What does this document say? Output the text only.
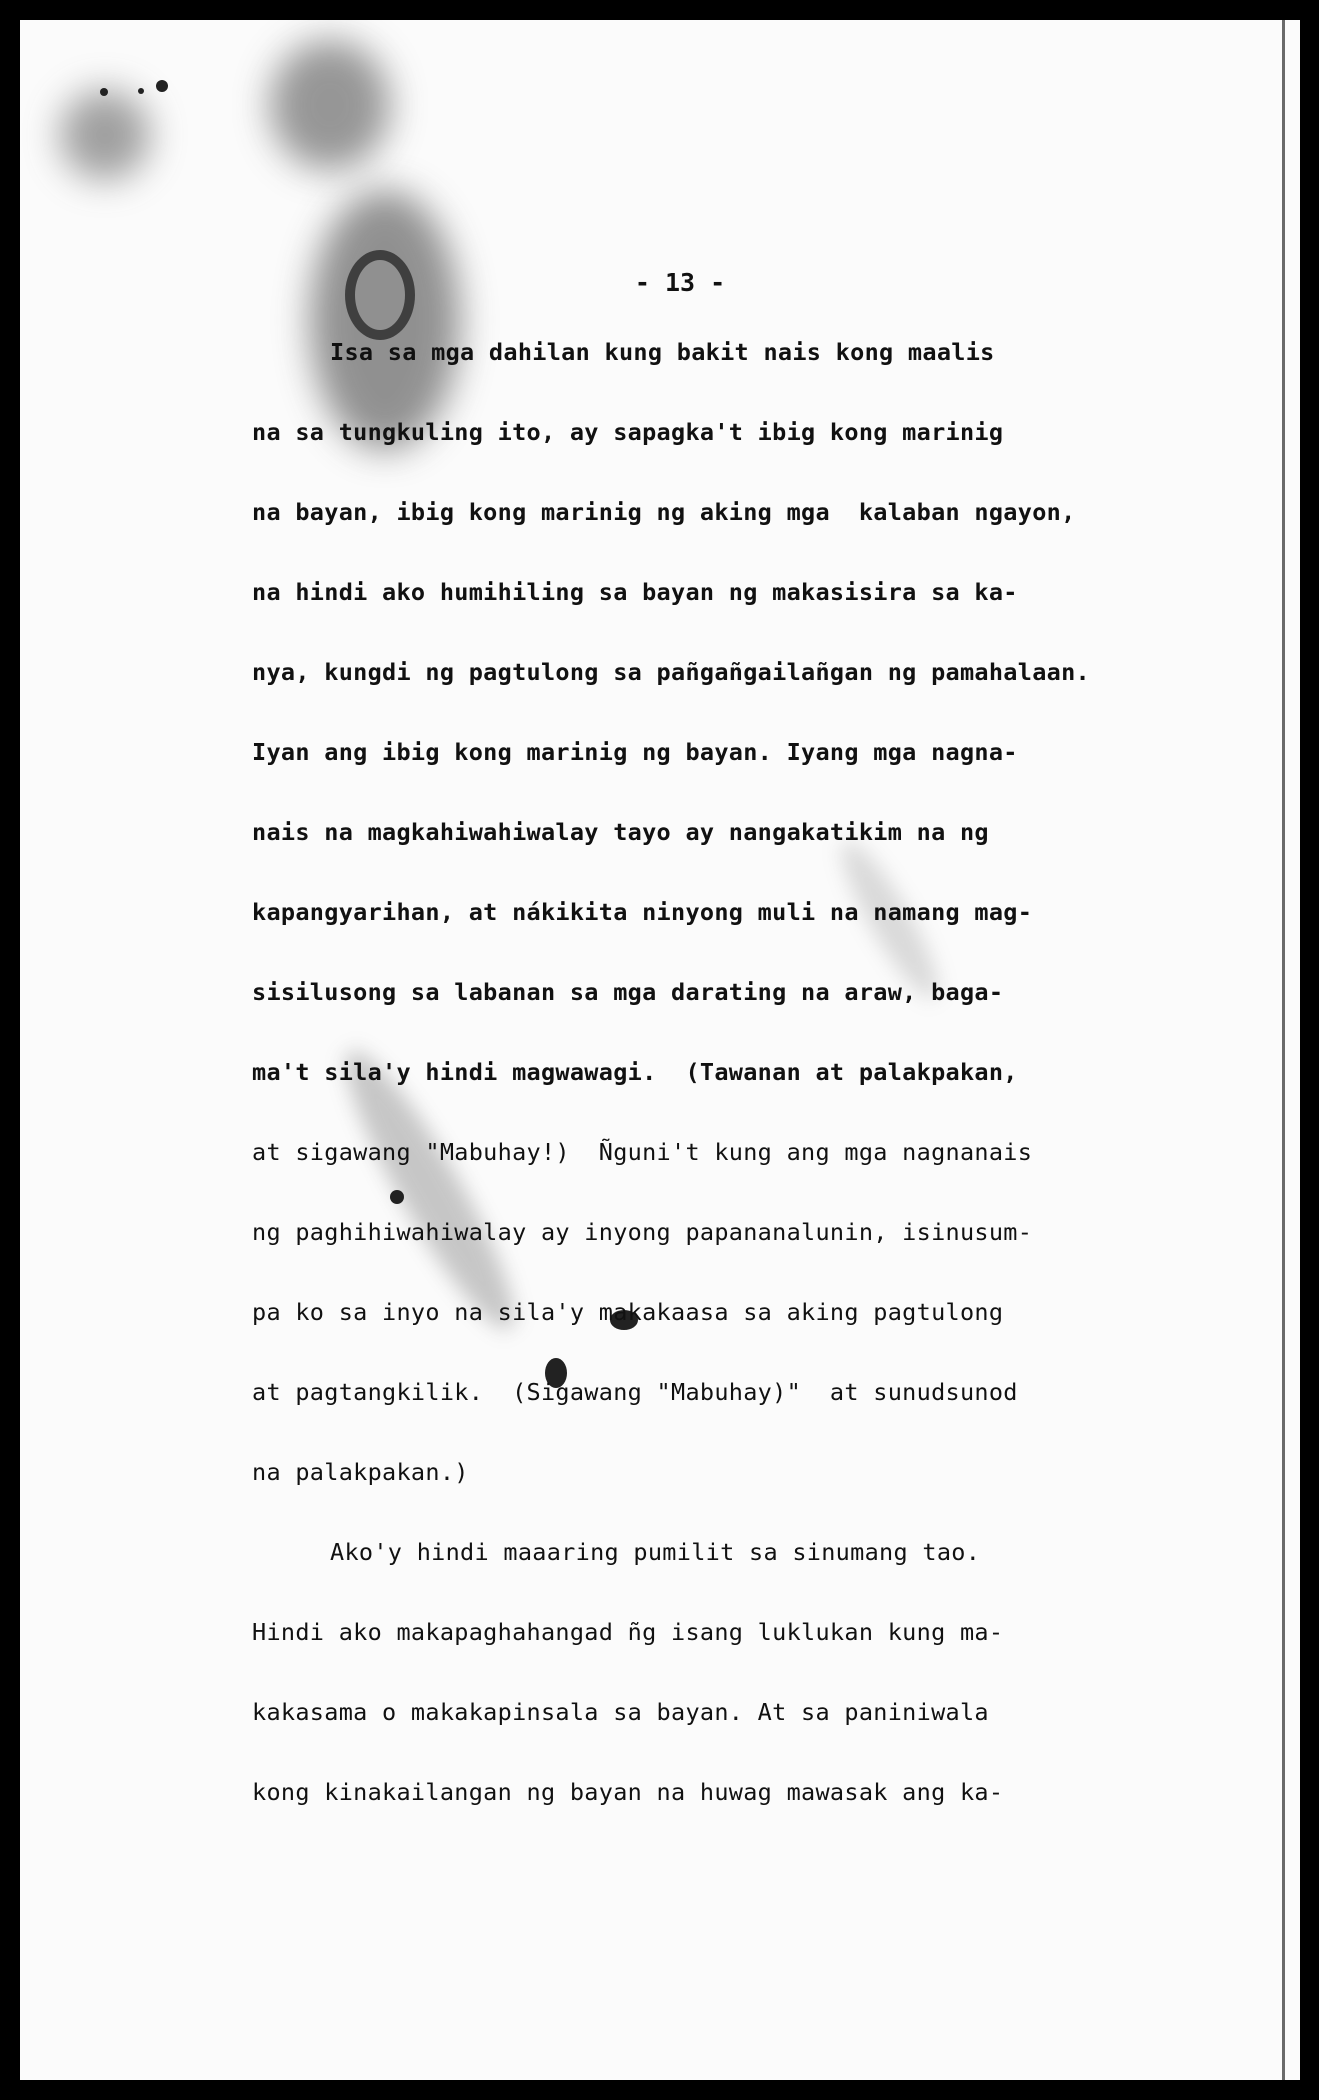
- 13 -
Isa sa mga dahilan kung bakit nais kong maalis
na sa tungkuling ito, ay sapagka't ibig kong marinig
na bayan, ibig kong marinig ng aking mga  kalaban ngayon,
na hindi ako humihiling sa bayan ng makasisira sa ka-
nya, kungdi ng pagtulong sa pañgañgailañgan ng pamahalaan.
Iyan ang ibig kong marinig ng bayan. Iyang mga nagna-
nais na magkahiwahiwalay tayo ay nangakatikim na ng
kapangyarihan, at nákikita ninyong muli na namang mag-
sisilusong sa labanan sa mga darating na araw, baga-
ma't sila'y hindi magwawagi.  (Tawanan at palakpakan,
at sigawang "Mabuhay!)  Ñguni't kung ang mga nagnanais
ng paghihiwahiwalay ay inyong papananalunin, isinusum-
pa ko sa inyo na sila'y makakaasa sa aking pagtulong
at pagtangkilik.  (Sigawang "Mabuhay)"  at sunudsunod
na palakpakan.)
Ako'y hindi maaaring pumilit sa sinumang tao.
Hindi ako makapaghahangad ñg isang luklukan kung ma-
kakasama o makakapinsala sa bayan. At sa paniniwala
kong kinakailangan ng bayan na huwag mawasak ang ka-
